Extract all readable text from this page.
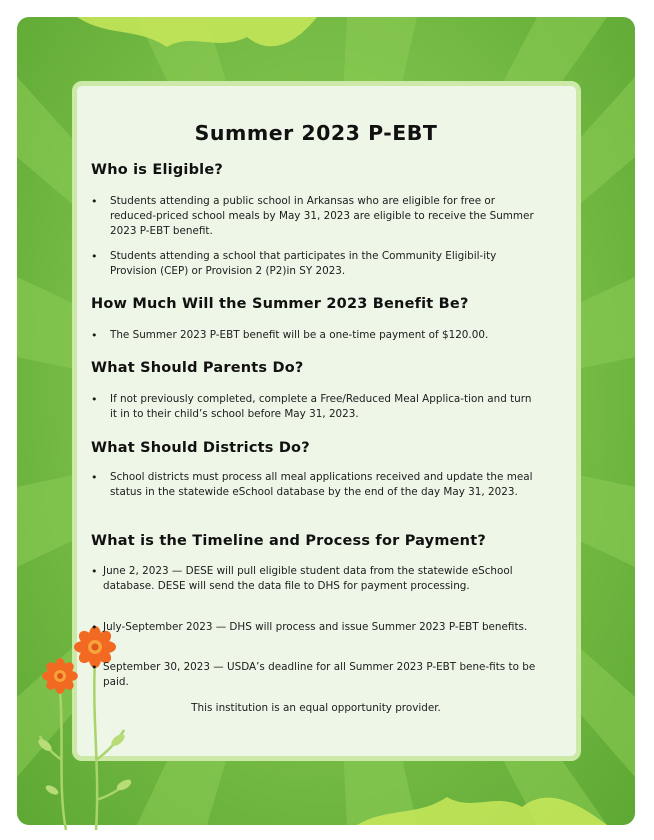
Summer 2023 P-EBT
Who is Eligible?
• Students attending a public school in Arkansas who are eligible for free or reduced-priced school meals by May 31, 2023 are eligible to receive the Summer 2023 P-EBT benefit.
• Students attending a school that participates in the Community Eligibil-ity Provision (CEP) or Provision 2 (P2)in SY 2023.
How Much Will the Summer 2023 Benefit Be?
• The Summer 2023 P-EBT benefit will be a one-time payment of $120.00.
What Should Parents Do?
• If not previously completed, complete a Free/Reduced Meal Applica-tion and turn it in to their child’s school before May 31, 2023.
What Should Districts Do?
• School districts must process all meal applications received and update the meal status in the statewide eSchool database by the end of the day May 31, 2023.
What is the Timeline and Process for Payment?
• June 2, 2023 — DESE will pull eligible student data from the statewide eSchool database. DESE will send the data file to DHS for payment processing.
• July-September 2023 — DHS will process and issue Summer 2023 P-EBT benefits.
• September 30, 2023 — USDA’s deadline for all Summer 2023 P-EBT bene-fits to be paid.
This institution is an equal opportunity provider.
